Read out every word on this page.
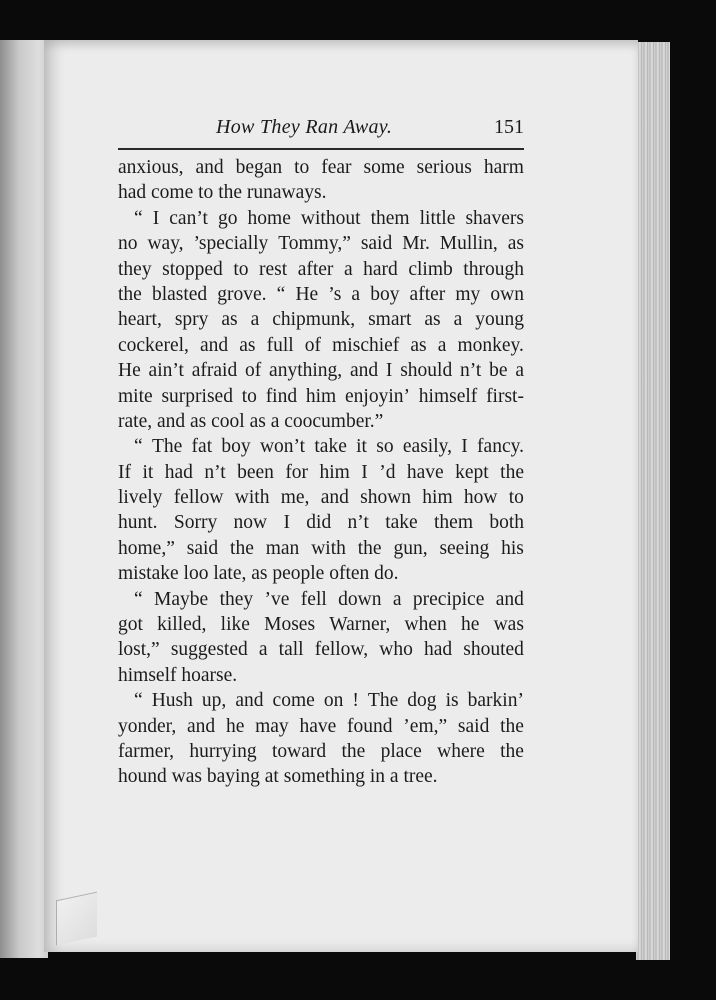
How They Ran Away.	151
anxious, and began to fear some serious harm
had come to the runaways.
“ I can’t go home without them little shavers
no way, ’specially Tommy,” said Mr. Mullin, as
they stopped to rest after a hard climb through
the blasted grove. “ He ’s a boy after my own
heart, spry as a chipmunk, smart as a young
cockerel, and as full of mischief as a monkey.
He ain’t afraid of anything, and I should n’t be a
mite surprised to find him enjoyin’ himself first-
rate, and as cool as a coocumber.”
“ The fat boy won’t take it so easily, I fancy.
If it had n’t been for him I ’d have kept the
lively fellow with me, and shown him how to
hunt. Sorry now I did n’t take them both
home,” said the man with the gun, seeing his
mistake loo late, as people often do.
“ Maybe they ’ve fell down a precipice and
got killed, like Moses Warner, when he was
lost,” suggested a tall fellow, who had shouted
himself hoarse.
“ Hush up, and come on ! The dog is barkin’
yonder, and he may have found ’em,” said the
farmer, hurrying toward the place where the
hound was baying at something in a tree.
